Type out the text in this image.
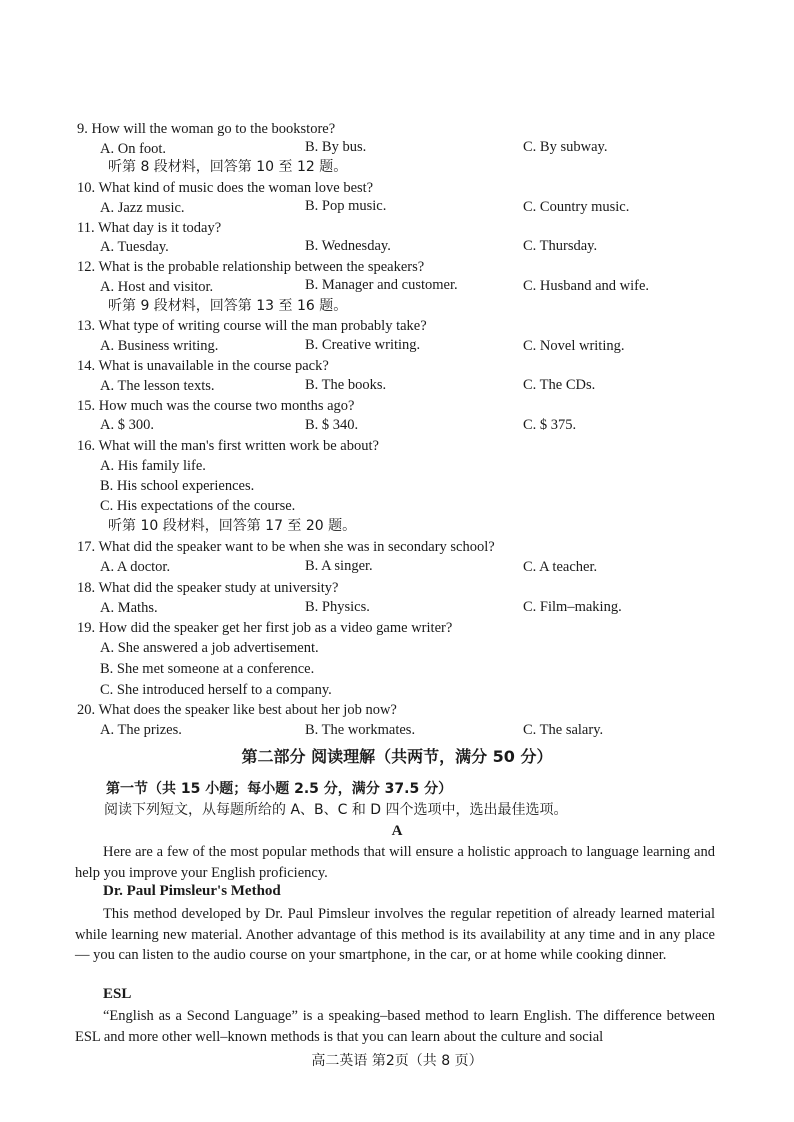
9. How will the woman go to the bookstore?
A. On foot.	B. By bus.	C. By subway.
听第 8 段材料，回答第 10 至 12 题。
10. What kind of music does the woman love best?
A. Jazz music.	B. Pop music.	C. Country music.
11. What day is it today?
A. Tuesday.	B. Wednesday.	C. Thursday.
12. What is the probable relationship between the speakers?
A. Host and visitor.	B. Manager and customer.	C. Husband and wife.
听第 9 段材料，回答第 13 至 16 题。
13. What type of writing course will the man probably take?
A. Business writing.	B. Creative writing.	C. Novel writing.
14. What is unavailable in the course pack?
A. The lesson texts.	B. The books.	C. The CDs.
15. How much was the course two months ago?
A. $ 300.	B. $ 340.	C. $ 375.
16. What will the man's first written work be about?
A. His family life.
B. His school experiences.
C. His expectations of the course.
听第 10 段材料，回答第 17 至 20 题。
17. What did the speaker want to be when she was in secondary school?
A. A doctor.	B. A singer.	C. A teacher.
18. What did the speaker study at university?
A. Maths.	B. Physics.	C. Film–making.
19. How did the speaker get her first job as a video game writer?
A. She answered a job advertisement.
B. She met someone at a conference.
C. She introduced herself to a company.
20. What does the speaker like best about her job now?
A. The prizes.	B. The workmates.	C. The salary.
第二部分 阅读理解（共两节，满分 50 分）
第一节（共 15 小题；每小题 2.5 分，满分 37.5 分）
阅读下列短文，从每题所给的 A、B、C 和 D 四个选项中，选出最佳选项。
A
Here are a few of the most popular methods that will ensure a holistic approach to language learning and help you improve your English proficiency.
Dr. Paul Pimsleur's Method
This method developed by Dr. Paul Pimsleur involves the regular repetition of already learned material while learning new material. Another advantage of this method is its availability at any time and in any place — you can listen to the audio course on your smartphone, in the car, or at home while cooking dinner.
ESL
“English as a Second Language” is a speaking–based method to learn English. The difference between ESL and more other well–known methods is that you can learn about the culture and social
高二英语 第2页（共 8 页）
